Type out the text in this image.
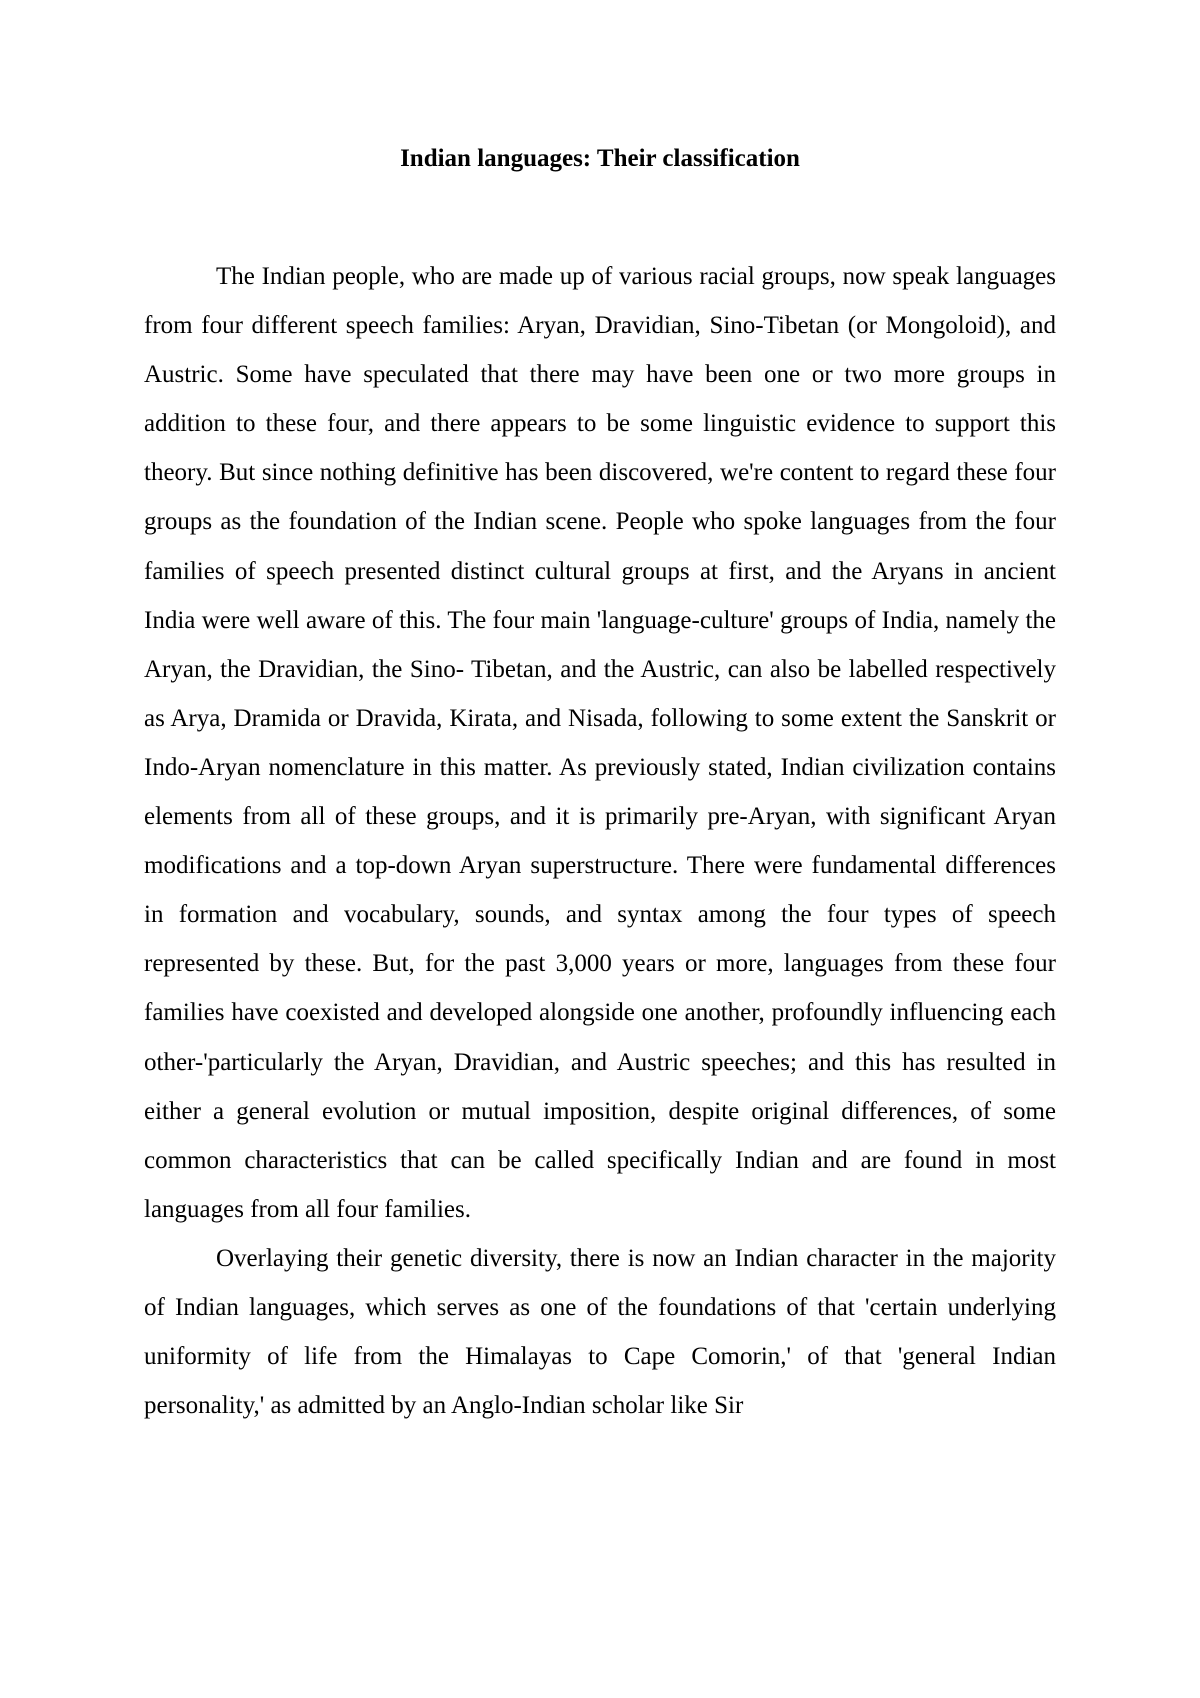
Indian languages: Their classification

The Indian people, who are made up of various racial groups, now speak languages from four different speech families: Aryan, Dravidian, Sino-Tibetan (or Mongoloid), and Austric. Some have speculated that there may have been one or two more groups in addition to these four, and there appears to be some linguistic evidence to support this theory. But since nothing definitive has been discovered, we're content to regard these four groups as the foundation of the Indian scene. People who spoke languages from the four families of speech presented distinct cultural groups at first, and the Aryans in ancient India were well aware of this. The four main 'language-culture' groups of India, namely the Aryan, the Dravidian, the Sino- Tibetan, and the Austric, can also be labelled respectively as Arya, Dramida or Dravida, Kirata, and Nisada, following to some extent the Sanskrit or Indo-Aryan nomenclature in this matter. As previously stated, Indian civilization contains elements from all of these groups, and it is primarily pre-Aryan, with significant Aryan modifications and a top-down Aryan superstructure. There were fundamental differences in formation and vocabulary, sounds, and syntax among the four types of speech represented by these. But, for the past 3,000 years or more, languages from these four families have coexisted and developed alongside one another, profoundly influencing each other-'particularly the Aryan, Dravidian, and Austric speeches; and this has resulted in either a general evolution or mutual imposition, despite original differences, of some common characteristics that can be called specifically Indian and are found in most languages from all four families.

Overlaying their genetic diversity, there is now an Indian character in the majority of Indian languages, which serves as one of the foundations of that 'certain underlying uniformity of life from the Himalayas to Cape Comorin,' of that 'general Indian personality,' as admitted by an Anglo-Indian scholar like Sir
